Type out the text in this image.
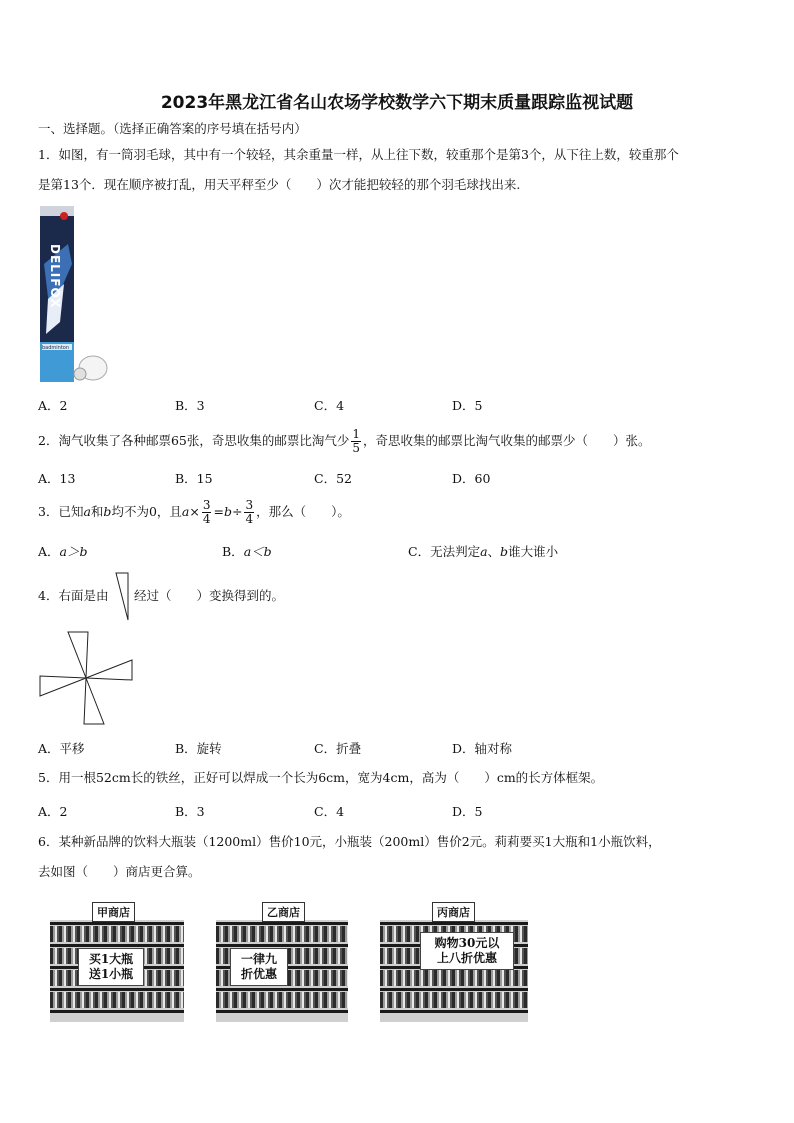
2023年黑龙江省名山农场学校数学六下期末质量跟踪监视试题
一、选择题。（选择正确答案的序号填在括号内）
1．如图，有一筒羽毛球，其中有一个较轻，其余重量一样，从上往下数，较重那个是第3个，从下往上数，较重那个
是第13个．现在顺序被打乱，用天平秤至少（　　）次才能把较轻的那个羽毛球找出来.
DELIFOX
badminton
A．2	B．3	C．4	D．5
2．淘气收集了各种邮票65张，奇思收集的邮票比淘气少 $\frac{1}{5}$ ，奇思收集的邮票比淘气收集的邮票少（　　）张。
A．13	B．15	C．52	D．60
3．已知a和b均不为0，且$a\times \frac{3}{4} =b\div \frac{3}{4}$ ，那么（　　）。
A．a＞b	B．a＜b	C．无法判定a、b谁大谁小
4．右面是由 经过（　　）变换得到的。
A．平移	B．旋转	C．折叠	D．轴对称
5．用一根52cm长的铁丝，正好可以焊成一个长为6cm，宽为4cm，高为（　　）cm的长方体框架。
A．2	B．3	C．4	D．5
6．某种新品牌的饮料大瓶装（1200ml）售价10元，小瓶装（200ml）售价2元。莉莉要买1大瓶和1小瓶饮料，
去如图（　　）商店更合算。
甲商店
买1大瓶
送1小瓶
乙商店
一律九
折优惠
丙商店
购物30元以
上八折优惠
